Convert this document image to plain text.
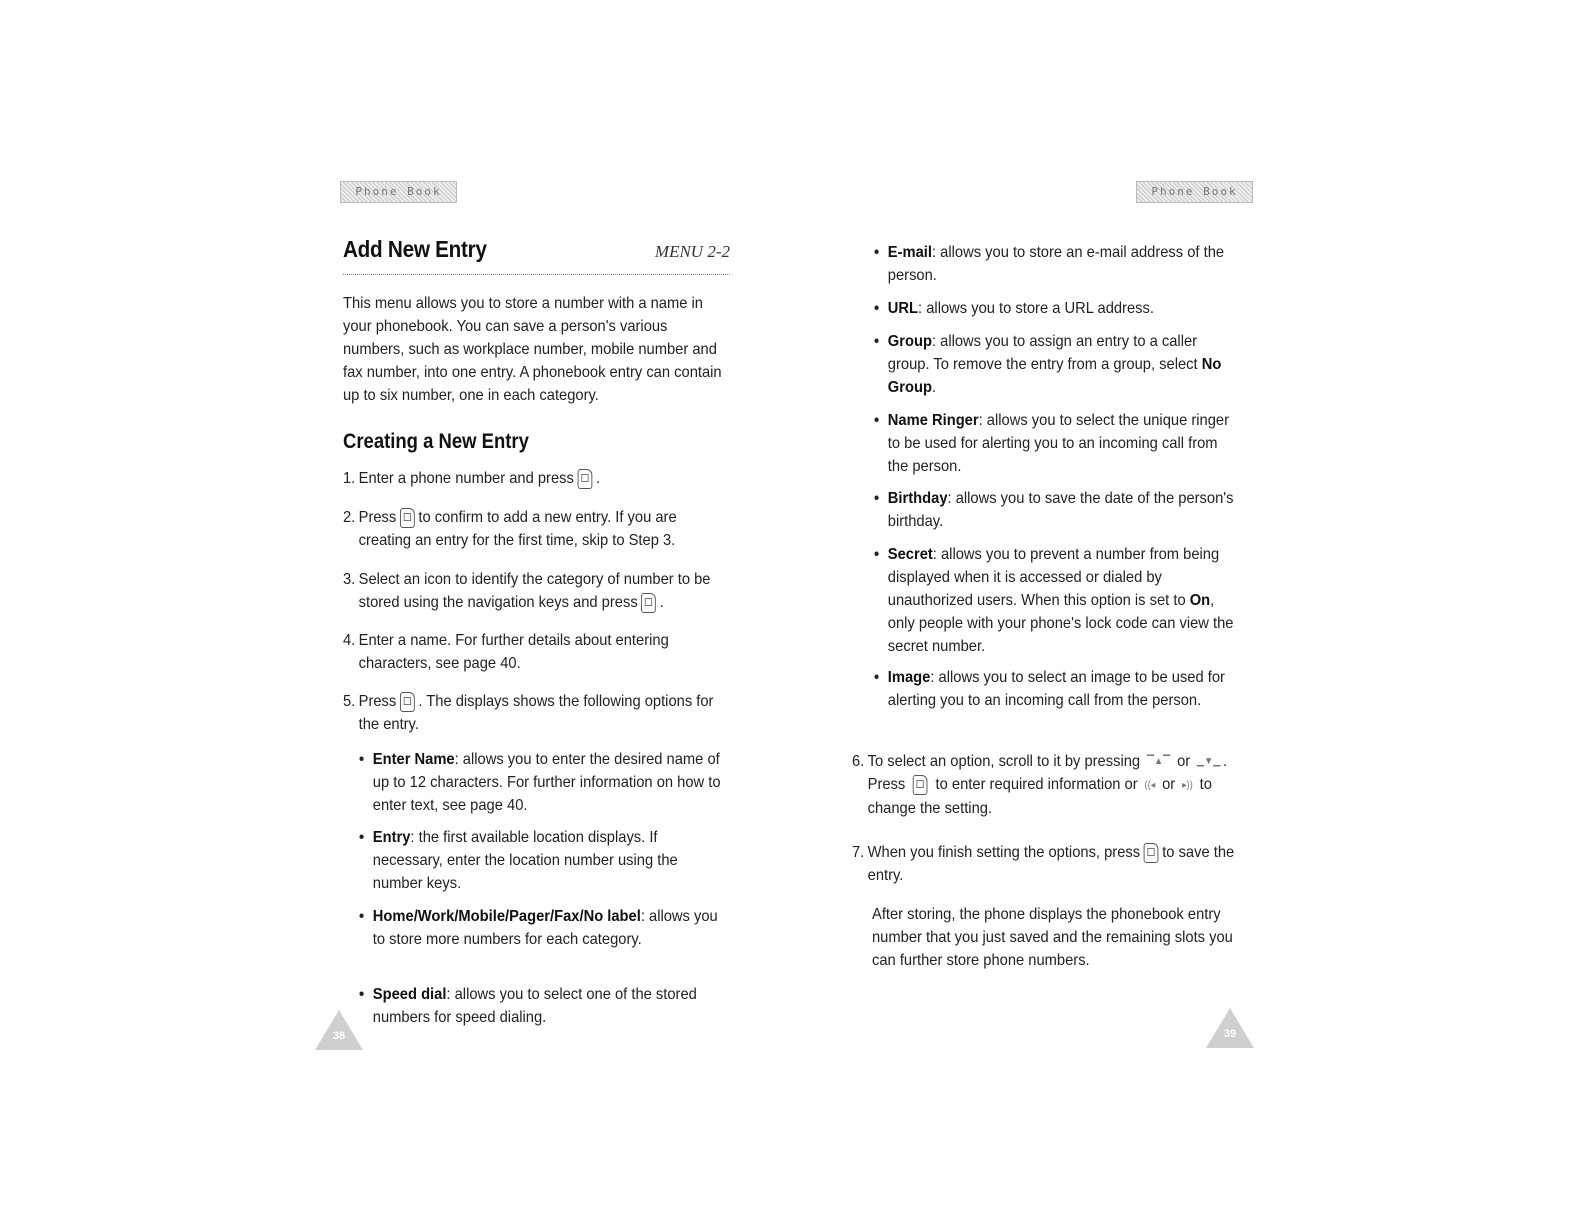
Phone Book
Add New Entry	MENU 2-2
This menu allows you to store a number with a name in your phonebook. You can save a person's various numbers, such as workplace number, mobile number and fax number, into one entry. A phonebook entry can contain up to six number, one in each category.
Creating a New Entry
1. Enter a phone number and press .
2. Press to confirm to add a new entry. If you are creating an entry for the first time, skip to Step 3.
3. Select an icon to identify the category of number to be stored using the navigation keys and press .
4. Enter a name. For further details about entering characters, see page 40.
5. Press . The displays shows the following options for the entry.
• Enter Name: allows you to enter the desired name of up to 12 characters. For further information on how to enter text, see page 40.
• Entry: the first available location displays. If necessary, enter the location number using the number keys.
• Home/Work/Mobile/Pager/Fax/No label: allows you to store more numbers for each category.
• Speed dial: allows you to select one of the stored numbers for speed dialing.
38
Phone Book
• E-mail: allows you to store an e-mail address of the person.
• URL: allows you to store a URL address.
• Group: allows you to assign an entry to a caller group. To remove the entry from a group, select No Group.
• Name Ringer: allows you to select the unique ringer to be used for alerting you to an incoming call from the person.
• Birthday: allows you to save the date of the person's birthday.
• Secret: allows you to prevent a number from being displayed when it is accessed or dialed by unauthorized users. When this option is set to On, only people with your phone's lock code can view the secret number.
• Image: allows you to select an image to be used for alerting you to an incoming call from the person.
6. To select an option, scroll to it by pressing ▔▲▔ or ▁▼▁ . Press to enter required information or ((◂ or ▸)) to change the setting.
7. When you finish setting the options, press to save the entry.
After storing, the phone displays the phonebook entry number that you just saved and the remaining slots you can further store phone numbers.
39
